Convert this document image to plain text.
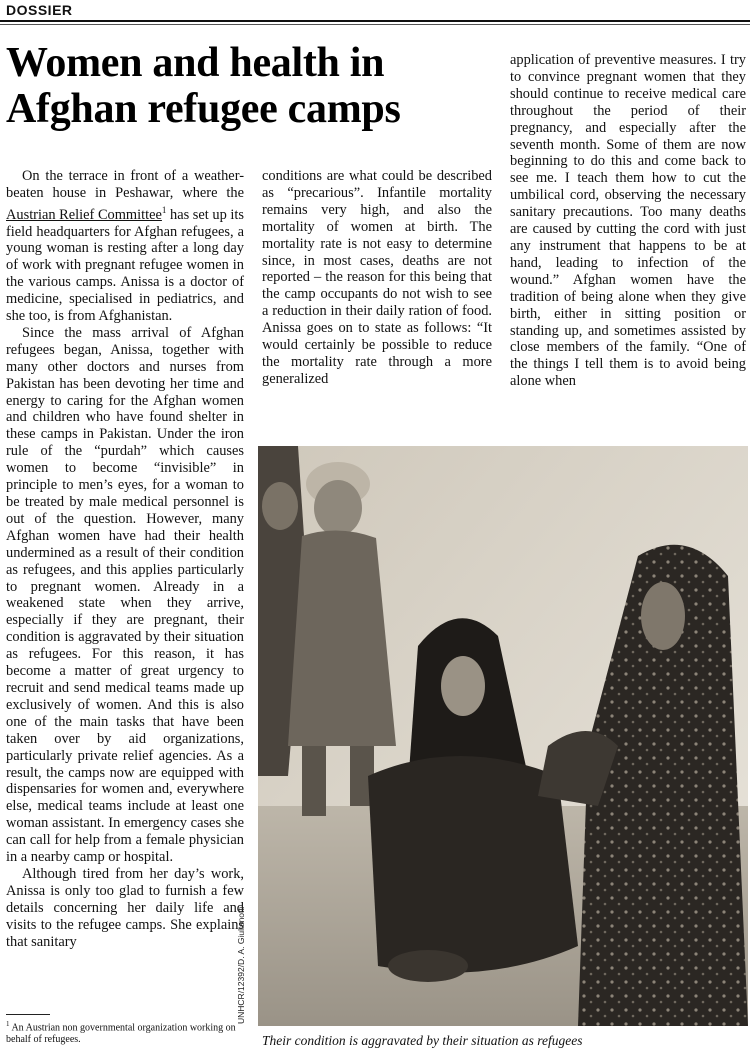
DOSSIER
Women and health in Afghan refugee camps

On the terrace in front of a weather-beaten house in Peshawar, where the Austrian Relief Committee$^1$ has set up its field headquarters for Afghan refugees, a young woman is resting after a long day of work with pregnant refugee women in the various camps. Anissa is a doctor of medicine, specialised in pediatrics, and she too, is from Afghanistan.

Since the mass arrival of Afghan refugees began, Anissa, together with many other doctors and nurses from Pakistan has been devoting her time and energy to caring for the Afghan women and children who have found shelter in these camps in Pakistan. Under the iron rule of the “purdah” which causes women to become “invisible” in principle to men’s eyes, for a woman to be treated by male medical personnel is out of the question. However, many Afghan women have had their health undermined as a result of their condition as refugees, and this applies particularly to pregnant women. Already in a weakened state when they arrive, especially if they are pregnant, their condition is aggravated by their situation as refugees. For this reason, it has become a matter of great urgency to recruit and send medical teams made up exclusively of women. And this is also one of the main tasks that have been taken over by aid organizations, particularly private relief agencies. As a result, the camps now are equipped with dispensaries for women and, everywhere else, medical teams include at least one woman assistant. In emergency cases she can call for help from a female physician in a nearby camp or hospital.

Although tired from her day’s work, Anissa is only too glad to furnish a few details concerning her daily life and visits to the refugee camps. She explains that sanitary

conditions are what could be described as “precarious”. Infantile mortality remains very high, and also the mortality of women at birth. The mortality rate is not easy to determine since, in most cases, deaths are not reported – the reason for this being that the camp occupants do not wish to see a reduction in their daily ration of food. Anissa goes on to state as follows: “It would certainly be possible to reduce the mortality rate through a more generalized

application of preventive measures. I try to convince pregnant women that they should continue to receive medical care throughout the period of their pregnancy, and especially after the seventh month. Some of them are now beginning to do this and come back to see me. I teach them how to cut the umbilical cord, observing the necessary sanitary precautions. Too many deaths are caused by cutting the cord with just any instrument that happens to be at hand, leading to infection of the wound.” Afghan women have the tradition of being alone when they give birth, either in sitting position or standing up, and sometimes assisted by close members of the family. “One of the things I tell them is to avoid being alone when

UNHCR/12392/D. A. Giulianotti
Their condition is aggravated by their situation as refugees
$^1$ An Austrian non governmental organization working on behalf of refugees.
